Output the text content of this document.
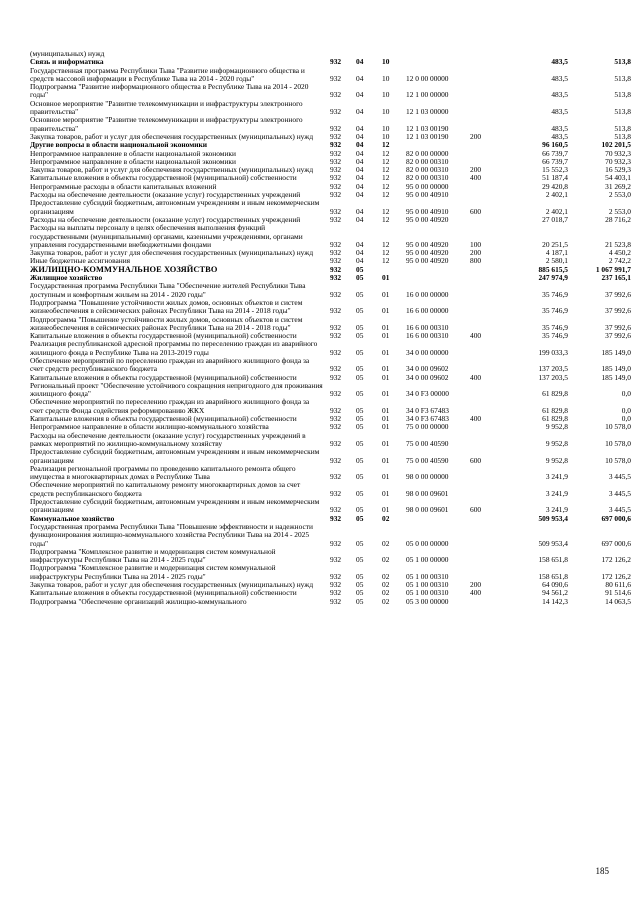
(муниципальных) нужд							
Связь и информатика	932	04	10			483,5	513,8
Государственная программа Республики Тыва "Развитие информационного общества и средств массовой информации в Республике Тыва на 2014 - 2020 годы"	932	04	10	12 0 00 00000		483,5	513,8
Подпрограмма "Развитие информационного общества в Республике Тыва на 2014 - 2020 годы"	932	04	10	12 1 00 00000		483,5	513,8
Основное мероприятие "Развитие телекоммуникации и инфраструктуры электронного правительства"	932	04	10	12 1 03 00000		483,5	513,8
Основное мероприятие "Развитие телекоммуникации и инфраструктуры электронного правительства"	932	04	10	12 1 03 00190		483,5	513,8
Закупка товаров, работ и услуг для обеспечения государственных (муниципальных) нужд	932	04	10	12 1 03 00190	200	483,5	513,8
Другие вопросы в области национальной экономики	932	04	12			96 160,5	102 201,5
Непрограммное направление в области национальной экономики	932	04	12	82 0 00 00000		66 739,7	70 932,3
Непрограммное направление в области национальной экономики	932	04	12	82 0 00 00310		66 739,7	70 932,3
Закупка товаров, работ и услуг для обеспечения государственных (муниципальных) нужд	932	04	12	82 0 00 00310	200	15 552,3	16 529,3
Капитальные вложения в объекты государственной (муниципальной) собственности	932	04	12	82 0 00 00310	400	51 187,4	54 403,1
Непрограммные расходы в области капитальных вложений	932	04	12	95 0 00 00000		29 420,8	31 269,2
Расходы на обеспечение деятельности (оказание услуг) государственных учреждений	932	04	12	95 0 00 40910		2 402,1	2 553,0
Предоставление субсидий бюджетным, автономным учреждениям и иным некоммерческим организациям	932	04	12	95 0 00 40910	600	2 402,1	2 553,0
Расходы на обеспечение деятельности (оказание услуг) государственных учреждений	932	04	12	95 0 00 40920		27 018,7	28 716,2
Расходы на выплаты персоналу в целях обеспечения выполнения функций государственными (муниципальными) органами, казенными учреждениями, органами управления государственными внебюджетными фондами	932	04	12	95 0 00 40920	100	20 251,5	21 523,8
Закупка товаров, работ и услуг для обеспечения государственных (муниципальных) нужд	932	04	12	95 0 00 40920	200	4 187,1	4 450,2
Иные бюджетные ассигнования	932	04	12	95 0 00 40920	800	2 580,1	2 742,2
ЖИЛИЩНО-КОММУНАЛЬНОЕ ХОЗЯЙСТВО	932	05				885 615,5	1 067 991,7
Жилищное хозяйство	932	05	01			247 974,9	237 165,1
Государственная программа Республики Тыва "Обеспечение жителей Республики Тыва доступным и комфортным жильем на 2014 - 2020 годы"	932	05	01	16 0 00 00000		35 746,9	37 992,6
Подпрограмма "Повышение устойчивости жилых домов, основных объектов и систем жизнеобеспечения в сейсмических районах Республики Тыва на 2014 - 2018 годы"	932	05	01	16 6 00 00000		35 746,9	37 992,6
Подпрограмма "Повышение устойчивости жилых домов, основных объектов и систем жизнеобеспечения в сейсмических районах Республики Тыва на 2014 - 2018 годы"	932	05	01	16 6 00 00310		35 746,9	37 992,6
Капитальные вложения в объекты государственной (муниципальной) собственности	932	05	01	16 6 00 00310	400	35 746,9	37 992,6
Реализация республиканской адресной программы по переселению граждан из аварийного жилищного фонда в Республике Тыва на 2013-2019 годы	932	05	01	34 0 00 00000		199 033,3	185 149,0
Обеспечение мероприятий по переселению граждан из аварийного жилищного фонда за счет средств республиканского бюджета	932	05	01	34 0 00 09602		137 203,5	185 149,0
Капитальные вложения в объекты государственной (муниципальной) собственности	932	05	01	34 0 00 09602	400	137 203,5	185 149,0
Региональный проект "Обеспечение устойчивого сокращения непригодного для проживания жилищного фонда"	932	05	01	34 0 F3 00000		61 829,8	0,0
Обеспечение мероприятий по переселению граждан из аварийного жилищного фонда за счет средств Фонда содействия реформированию ЖКХ	932	05	01	34 0 F3 67483		61 829,8	0,0
Капитальные вложения в объекты государственной (муниципальной) собственности	932	05	01	34 0 F3 67483	400	61 829,8	0,0
Непрограммное направление в области жилищно-коммунального хозяйства	932	05	01	75 0 00 00000		9 952,8	10 578,0
Расходы на обеспечение деятельности (оказание услуг) государственных учреждений в рамках мероприятий по жилищно-коммунальному хозяйству	932	05	01	75 0 00 40590		9 952,8	10 578,0
Предоставление субсидий бюджетным, автономным учреждениям и иным некоммерческим организациям	932	05	01	75 0 00 40590	600	9 952,8	10 578,0
Реализация региональной программы по проведению капитального ремонта общего имущества в многоквартирных домах в Республике Тыва	932	05	01	98 0 00 00000		3 241,9	3 445,5
Обеспечение мероприятий по капитальному ремонту многоквартирных домов за счет средств республиканского бюджета	932	05	01	98 0 00 09601		3 241,9	3 445,5
Предоставление субсидий бюджетным, автономным учреждениям и иным некоммерческим организациям	932	05	01	98 0 00 09601	600	3 241,9	3 445,5
Коммунальное хозяйство	932	05	02			509 953,4	697 000,6
Государственная программа Республики Тыва "Повышение эффективности и надежности функционирования жилищно-коммунального хозяйства Республики Тыва на 2014 - 2025 годы"	932	05	02	05 0 00 00000		509 953,4	697 000,6
Подпрограмма "Комплексное развитие и модернизация систем коммунальной инфраструктуры Республики Тыва на 2014 - 2025 годы"	932	05	02	05 1 00 00000		158 651,8	172 126,2
Подпрограмма "Комплексное развитие и модернизация систем коммунальной инфраструктуры Республики Тыва на 2014 - 2025 годы"	932	05	02	05 1 00 00310		158 651,8	172 126,2
Закупка товаров, работ и услуг для обеспечения государственных (муниципальных) нужд	932	05	02	05 1 00 00310	200	64 090,6	80 611,6
Капитальные вложения в объекты государственной (муниципальной) собственности	932	05	02	05 1 00 00310	400	94 561,2	91 514,6
Подпрограмма "Обеспечение организаций жилищно-коммунального	932	05	02	05 3 00 00000		14 142,3	14 063,5
185
